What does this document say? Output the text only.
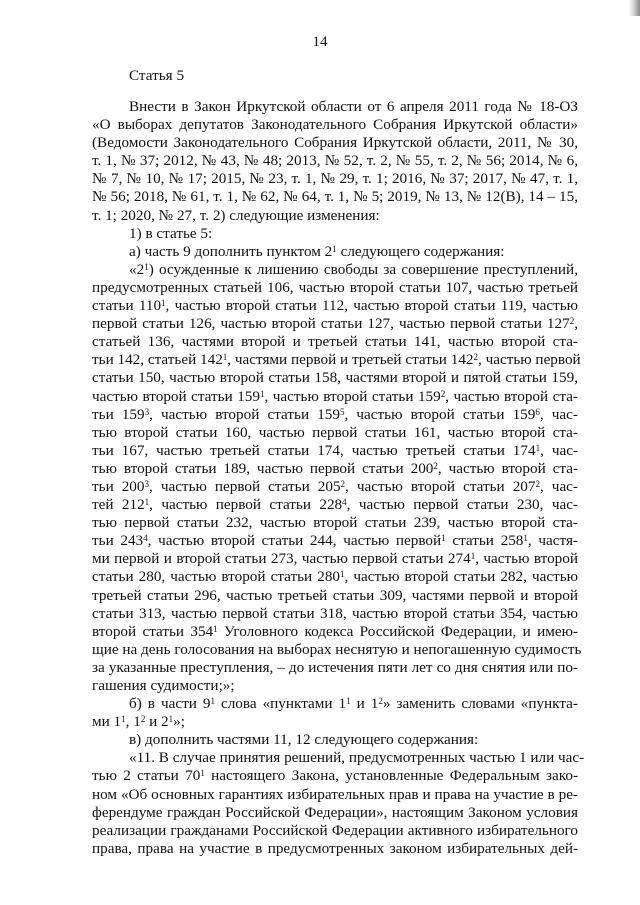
14
Статья 5
Внести в Закон Иркутской области от 6 апреля 2011 года № 18-ОЗ
«О выборах депутатов Законодательного Собрания Иркутской области»
(Ведомости Законодательного Собрания Иркутской области, 2011, № 30,
т. 1, № 37; 2012, № 43, № 48; 2013, № 52, т. 2, № 55, т. 2, № 56; 2014, № 6,
№ 7, № 10, № 17; 2015, № 23, т. 1, № 29, т. 1; 2016, № 37; 2017, № 47, т. 1,
№ 56; 2018, № 61, т. 1, № 62, № 64, т. 1, № 5; 2019, № 13, № 12(В), 14 – 15,
т. 1; 2020, № 27, т. 2) следующие изменения:
1) в статье 5:
а) часть 9 дополнить пунктом $2^1$ следующего содержания:
«$2^1$) осужденные к лишению свободы за совершение преступлений,
предусмотренных статьей 106, частью второй статьи 107, частью третьей
статьи $110^1$, частью второй статьи 112, частью второй статьи 119, частью
первой статьи 126, частью второй статьи 127, частью первой статьи $127^2$,
статьей 136, частями второй и третьей статьи 141, частью второй ста-
тьи 142, статьей $142^1$, частями первой и третьей статьи $142^2$, частью первой
статьи 150, частью второй статьи 158, частями второй и пятой статьи 159,
частью второй статьи $159^1$, частью второй статьи $159^2$, частью второй ста-
тьи $159^3$, частью второй статьи $159^5$, частью второй статьи $159^6$, час-
тью второй статьи 160, частью первой статьи 161, частью второй ста-
тьи 167, частью третьей статьи 174, частью третьей статьи $174^1$, час-
тью второй статьи 189, частью первой статьи $200^2$, частью второй ста-
тьи $200^3$, частью первой статьи $205^2$, частью второй статьи $207^2$, час-
тей $212^1$, частью первой статьи $228^4$, частью первой статьи 230, час-
тью первой статьи 232, частью второй статьи 239, частью второй ста-
тьи $243^4$, частью второй статьи 244, частью первой$^1$ статьи $258^1$, частя-
ми первой и второй статьи 273, частью первой статьи $274^1$, частью второй
статьи 280, частью второй статьи $280^1$, частью второй статьи 282, частью
третьей статьи 296, частью третьей статьи 309, частями первой и второй
статьи 313, частью первой статьи 318, частью второй статьи 354, частью
второй статьи $354^1$ Уголовного кодекса Российской Федерации, и имею-
щие на день голосования на выборах неснятую и непогашенную судимость
за указанные преступления, – до истечения пяти лет со дня снятия или по-
гашения судимости;»;
б) в части $9^1$ слова «пунктами $1^1$ и $1^2$» заменить словами «пункта-
ми $1^1$, $1^2$ и $2^1$»;
в) дополнить частями 11, 12 следующего содержания:
«11. В случае принятия решений, предусмотренных частью 1 или час-
тью 2 статьи $70^1$ настоящего Закона, установленные Федеральным зако-
ном «Об основных гарантиях избирательных прав и права на участие в ре-
ферендуме граждан Российской Федерации», настоящим Законом условия
реализации гражданами Российской Федерации активного избирательного
права, права на участие в предусмотренных законом избирательных дей-
